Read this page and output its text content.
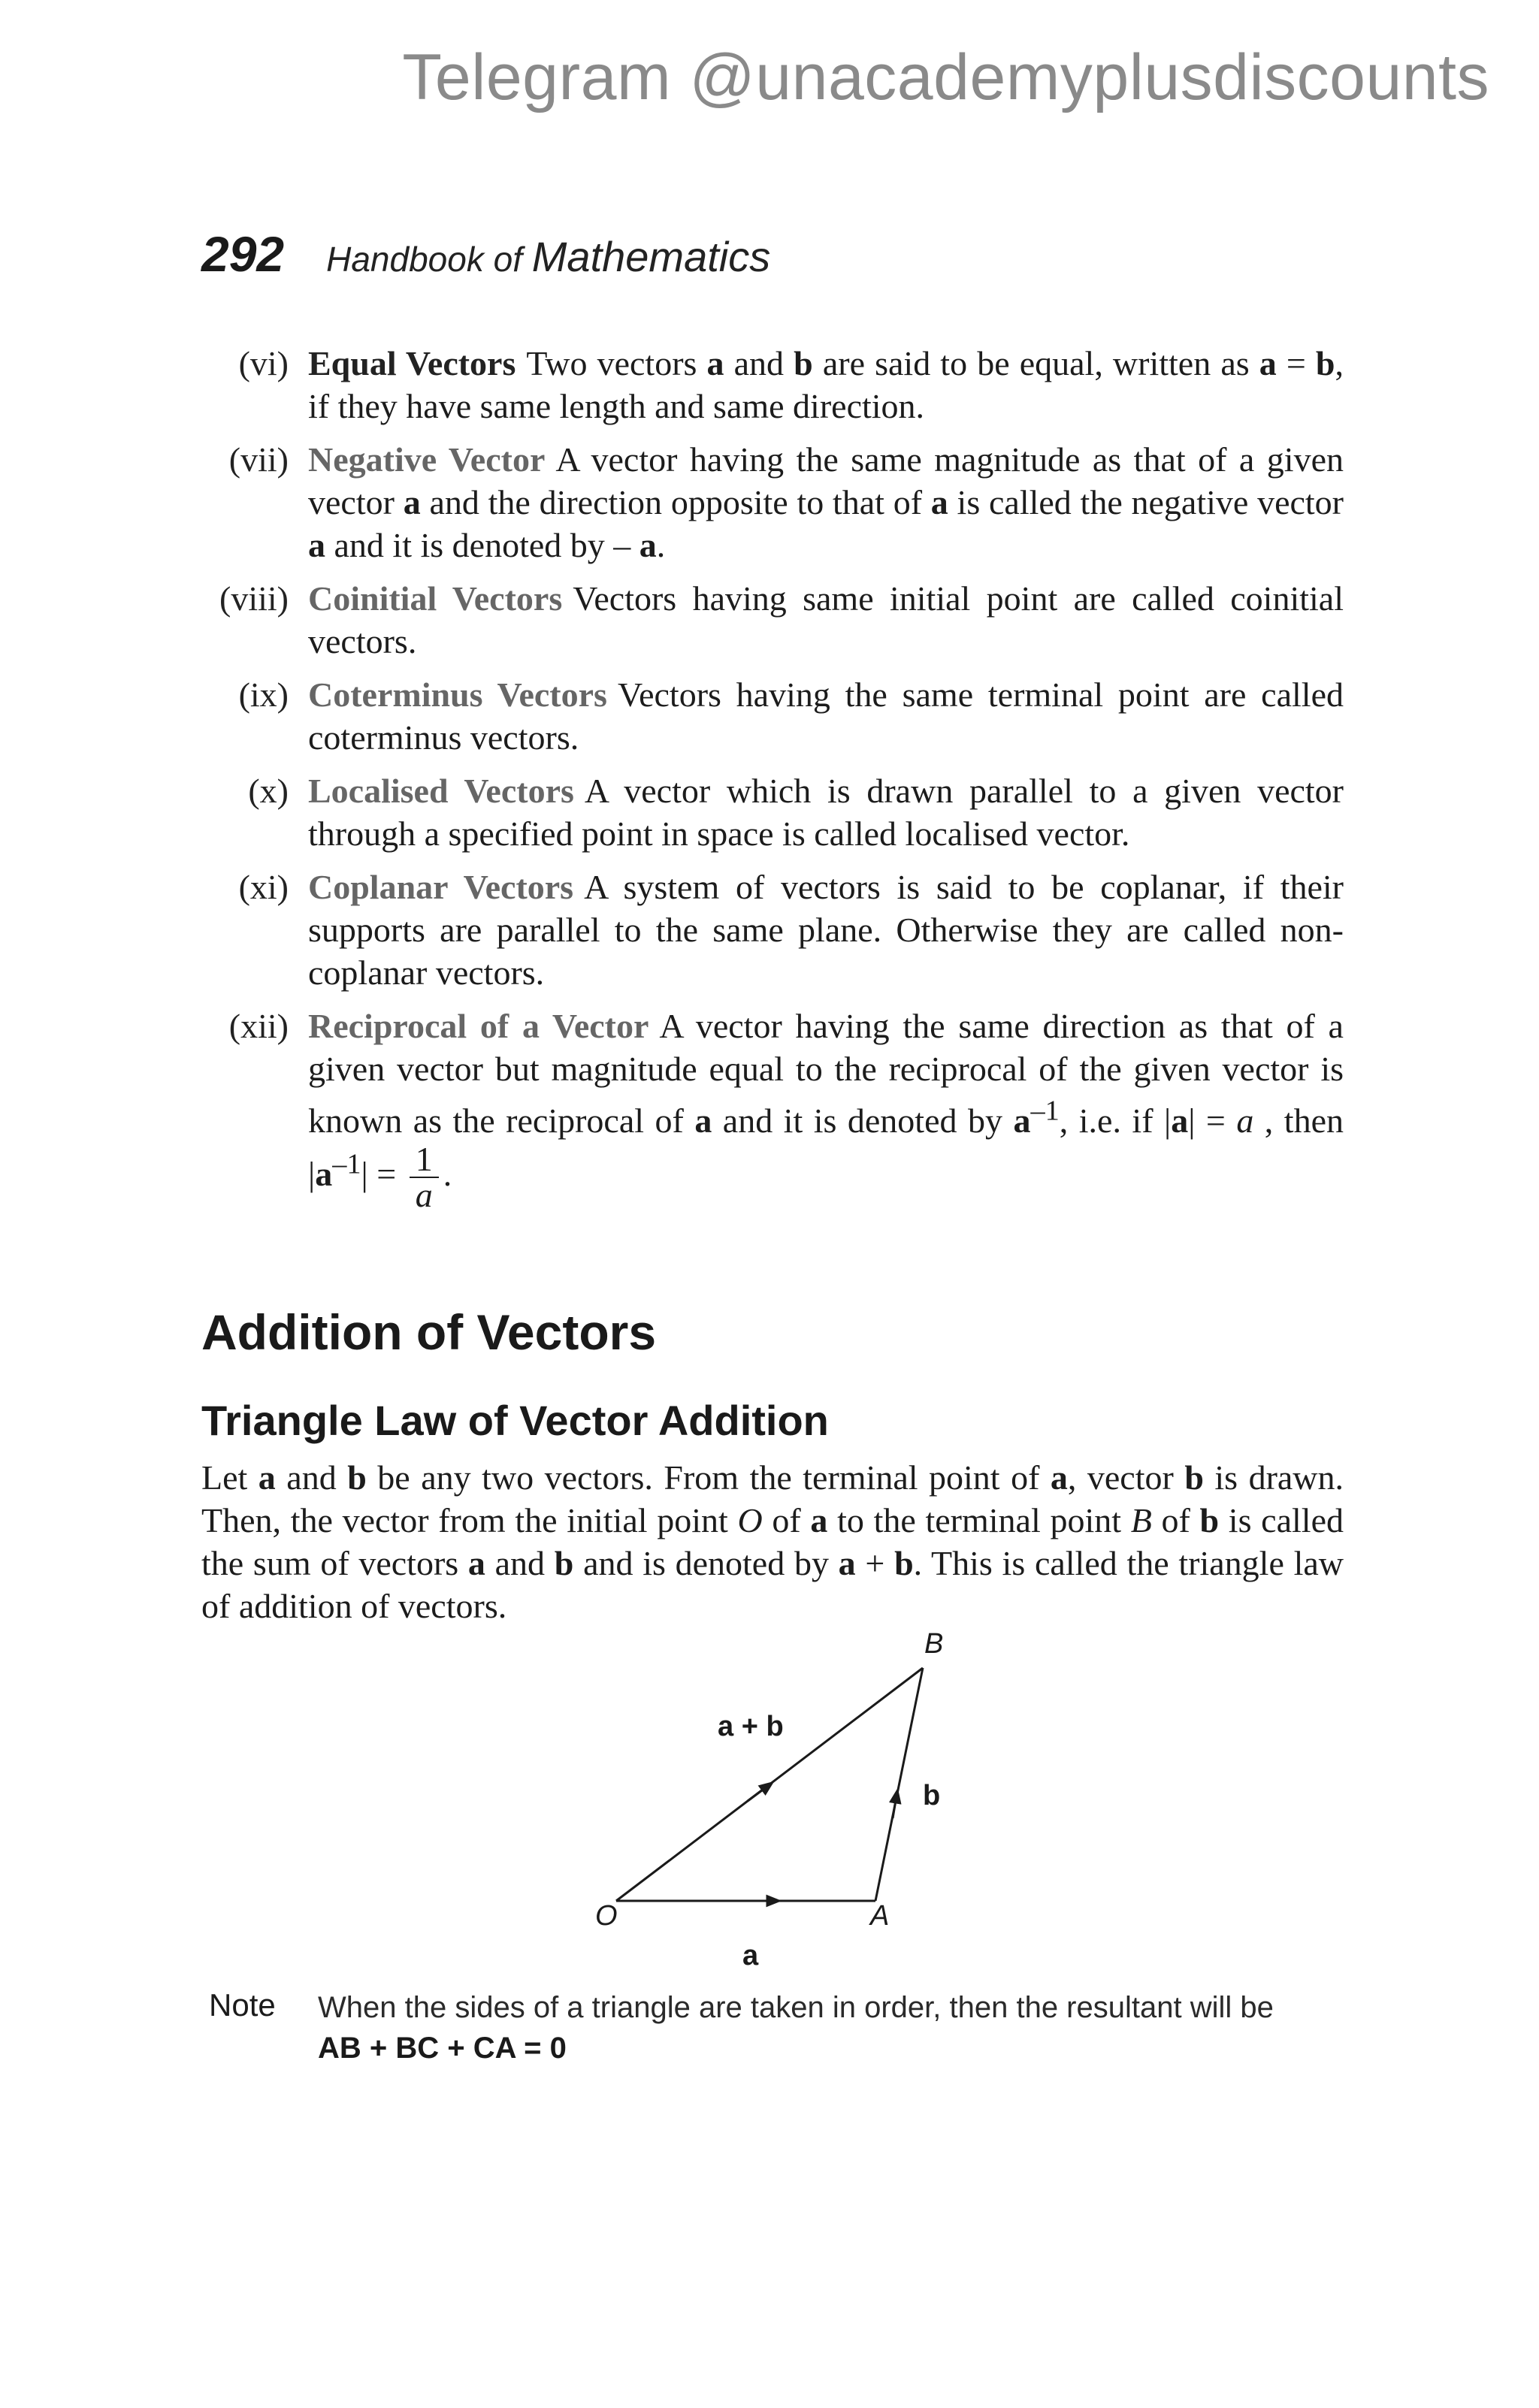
Telegram @unacademyplusdiscounts
292 Handbook of Mathematics
(vi) Equal Vectors Two vectors a and b are said to be equal, written as a = b, if they have same length and same direction.
(vii) Negative Vector A vector having the same magnitude as that of a given vector a and the direction opposite to that of a is called the negative vector a and it is denoted by – a.
(viii) Coinitial Vectors Vectors having same initial point are called coinitial vectors.
(ix) Coterminus Vectors Vectors having the same terminal point are called coterminus vectors.
(x) Localised Vectors A vector which is drawn parallel to a given vector through a specified point in space is called localised vector.
(xi) Coplanar Vectors A system of vectors is said to be coplanar, if their supports are parallel to the same plane. Otherwise they are called non-coplanar vectors.
(xii) Reciprocal of a Vector A vector having the same direction as that of a given vector but magnitude equal to the reciprocal of the given vector is known as the reciprocal of a and it is denoted by $a^{-1}$, i.e. if |a| = a , then $|a^{-1}| = \frac{1}{a}$ .
Addition of Vectors
Triangle Law of Vector Addition

Let a and b be any two vectors. From the terminal point of a, vector b is drawn. Then, the vector from the initial point O of a to the terminal point B of b is called the sum of vectors a and b and is denoted by a + b. This is called the triangle law of addition of vectors.

O	A
B
a
b
a + b
Note	When the sides of a triangle are taken in order, then the resultant will be
AB + BC + CA = 0
